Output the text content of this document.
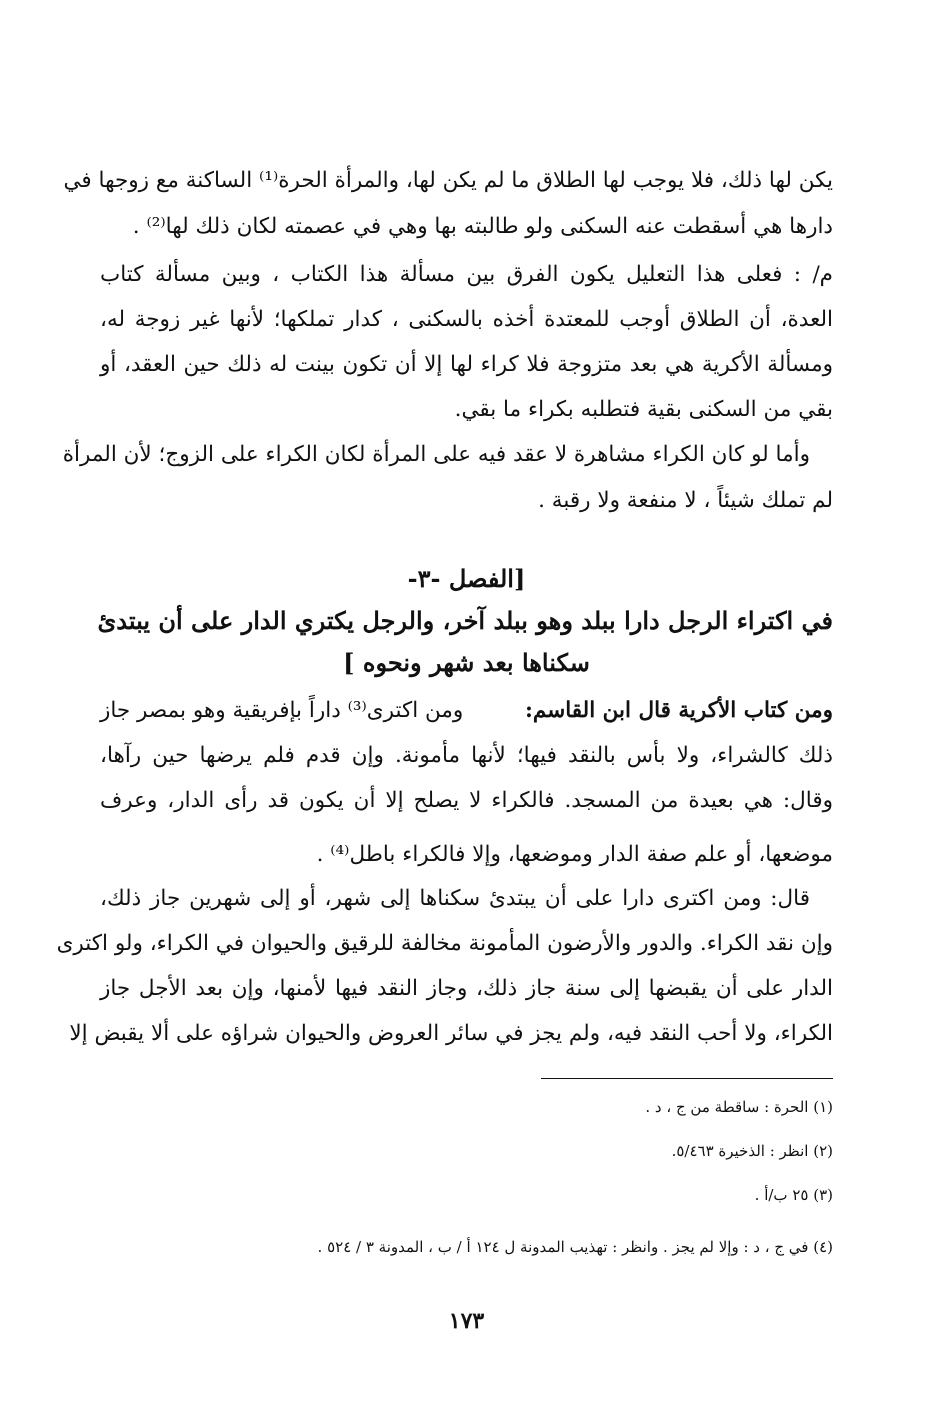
يكن لها ذلك، فلا يوجب لها الطلاق ما لم يكن لها، والمرأة الحرة⁽¹⁾ الساكنة مع زوجها في
دارها هي أسقطت عنه السكنى ولو طالبته بها وهي في عصمته لكان ذلك لها⁽²⁾ .
م/ : فعلى هذا التعليل يكون الفرق بين مسألة هذا الكتاب ، وبين مسألة كتاب
العدة، أن الطلاق أوجب للمعتدة أخذه بالسكنى ، كدار تملكها؛ لأنها غير زوجة له،
ومسألة الأكرية هي بعد متزوجة فلا كراء لها إلا أن تكون بينت له ذلك حين العقد، أو
بقي من السكنى بقية فتطلبه بكراء ما بقي.
وأما لو كان الكراء مشاهرة لا عقد فيه على المرأة لكان الكراء على الزوج؛ لأن المرأة
لم تملك شيئاً ، لا منفعة ولا رقبة .
[الفصل -٣-
في اكتراء الرجل دارا ببلد وهو ببلد آخر، والرجل يكتري الدار على أن يبتدئ
سكناها بعد شهر ونحوه ]
ومن كتاب الأكرية قال ابن القاسم:
ومن اكترى⁽³⁾ داراً بإفريقية وهو بمصر جاز
ذلك كالشراء، ولا بأس بالنقد فيها؛ لأنها مأمونة. وإن قدم فلم يرضها حين رآها،
وقال: هي بعيدة من المسجد. فالكراء لا يصلح إلا أن يكون قد رأى الدار، وعرف
موضعها، أو علم صفة الدار وموضعها، وإلا فالكراء باطل⁽⁴⁾ .
قال: ومن اكترى دارا على أن يبتدئ سكناها إلى شهر، أو إلى شهرين جاز ذلك،
وإن نقد الكراء. والدور والأرضون المأمونة مخالفة للرقيق والحيوان في الكراء، ولو اكترى
الدار على أن يقبضها إلى سنة جاز ذلك، وجاز النقد فيها لأمنها، وإن بعد الأجل جاز
الكراء، ولا أحب النقد فيه، ولم يجز في سائر العروض والحيوان شراؤه على ألا يقبض إلا
(١) الحرة : ساقطة من ج ، د .
(٢) انظر : الذخيرة ٥/٤٦٣.
(٣) ٢٥ ب/أ .
(٤) في ج ، د : وإلا لم يجز . وانظر : تهذيب المدونة ل ١٢٤ أ / ب ، المدونة ٣ / ٥٢٤ .
١٧٣
